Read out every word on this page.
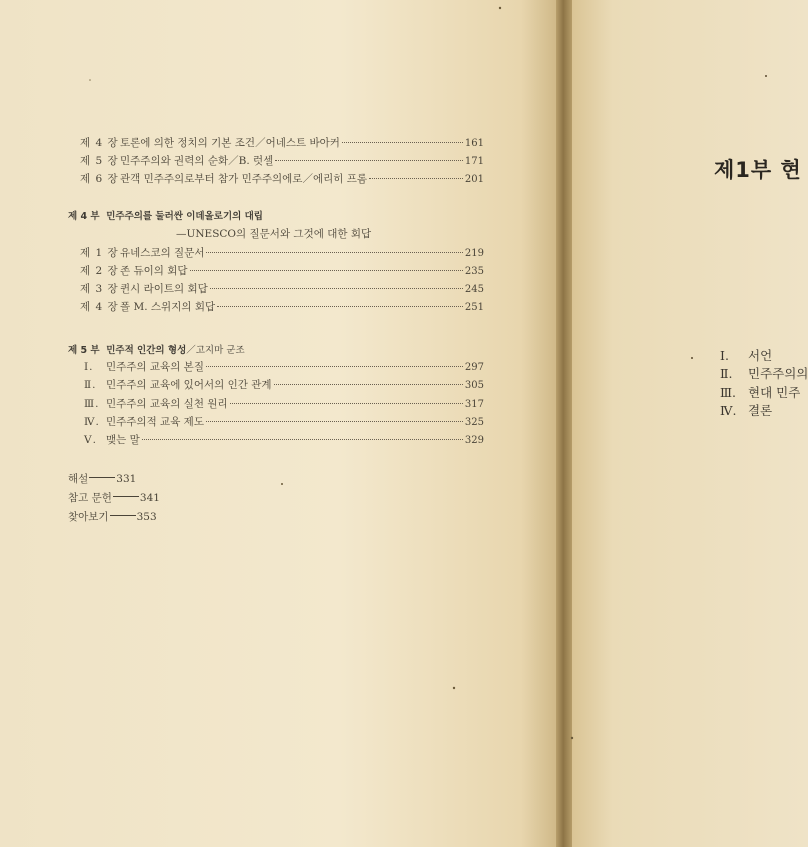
제 4 장 토론에 의한 정치의 기본 조건／어네스트 바아커	161
제 5 장 민주주의와 권력의 순화／B. 럿셀	171
제 6 장 관객 민주주의로부터 참가 민주주의에로／에리히 프롬	201
제 4 부 민주주의를 둘러싼 이데올로기의 대립
—UNESCO의 질문서와 그것에 대한 회답
제 1 장 유네스코의 질문서	219
제 2 장 존 듀이의 회답	235
제 3 장 퀸시 라이트의 회답	245
제 4 장 폴 M. 스위지의 회답	251
제 5 부 민주적 인간의 형성／고지마 군조
Ⅰ.	민주주의 교육의 본질	297
Ⅱ. 민주주의 교육에 있어서의 인간 관계	305
Ⅲ. 민주주의 교육의 실천 원리	317
Ⅳ. 민주주의적 교육 제도	325
Ⅴ. 맺는 말	329
해설	331
참고 문헌	341
찾아보기	353
제1부 현
Ⅰ. 서언
Ⅱ. 민주주의의
Ⅲ. 현대 민주
Ⅳ. 결론
